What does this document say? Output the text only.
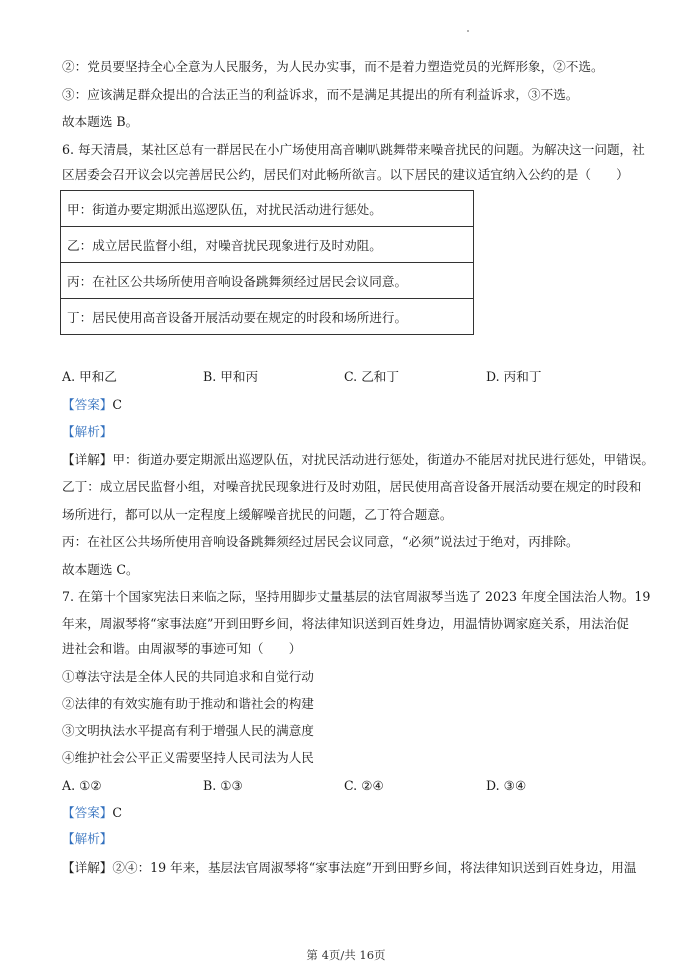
②：党员要坚持全心全意为人民服务，为人民办实事，而不是着力塑造党员的光辉形象，②不选。
③：应该满足群众提出的合法正当的利益诉求，而不是满足其提出的所有利益诉求，③不选。
故本题选 B。
6. 每天清晨，某社区总有一群居民在小广场使用高音喇叭跳舞带来噪音扰民的问题。为解决这一问题，社
区居委会召开议会以完善居民公约，居民们对此畅所欲言。以下居民的建议适宜纳入公约的是（　　）
甲：街道办要定期派出巡逻队伍，对扰民活动进行惩处。
乙：成立居民监督小组，对噪音扰民现象进行及时劝阻。
丙：在社区公共场所使用音响设备跳舞须经过居民会议同意。
丁：居民使用高音设备开展活动要在规定的时段和场所进行。
A. 甲和乙	B. 甲和丙	C. 乙和丁	D. 丙和丁
【答案】C
【解析】
【详解】甲：街道办要定期派出巡逻队伍，对扰民活动进行惩处，街道办不能居对扰民进行惩处，甲错误。
乙丁：成立居民监督小组，对噪音扰民现象进行及时劝阻，居民使用高音设备开展活动要在规定的时段和
场所进行，都可以从一定程度上缓解噪音扰民的问题，乙丁符合题意。
丙：在社区公共场所使用音响设备跳舞须经过居民会议同意，“必须”说法过于绝对，丙排除。
故本题选 C。
7. 在第十个国家宪法日来临之际，坚持用脚步丈量基层的法官周淑琴当选了 2023 年度全国法治人物。19
年来，周淑琴将“家事法庭”开到田野乡间，将法律知识送到百姓身边，用温情协调家庭关系，用法治促
进社会和谐。由周淑琴的事迹可知（　　）
①尊法守法是全体人民的共同追求和自觉行动
②法律的有效实施有助于推动和谐社会的构建
③文明执法水平提高有利于增强人民的满意度
④维护社会公平正义需要坚持人民司法为人民
A. ①②	B. ①③	C. ②④	D. ③④
【答案】C
【解析】
【详解】②④：19 年来，基层法官周淑琴将“家事法庭”开到田野乡间，将法律知识送到百姓身边，用温
第 4页/共 16页
